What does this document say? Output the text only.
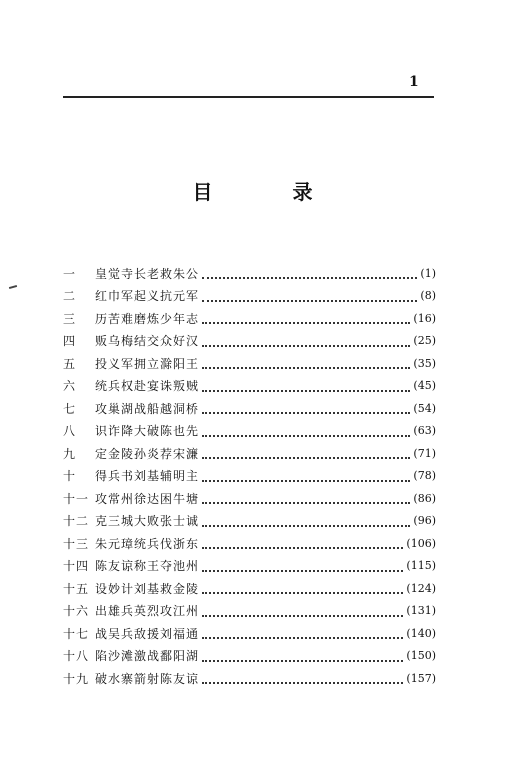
1
目　录
一	皇觉寺长老救朱公	(1)
二	红巾军起义抗元军	(8)
三	历苦难磨炼少年志	(16)
四	贩乌梅结交众好汉	(25)
五	投义军拥立滁阳王	(35)
六	统兵权赴宴诛叛贼	(45)
七	攻巢湖战船越洞桥	(54)
八	识诈降大破陈也先	(63)
九	定金陵孙炎荐宋濂	(71)
十	得兵书刘基辅明主	(78)
十一 攻常州徐达困牛塘	(86)
十二 克三城大败张士诚	(96)
十三 朱元璋统兵伐浙东	(106)
十四 陈友谅称王夺池州	(115)
十五 设妙计刘基救金陵	(124)
十六 出雄兵英烈攻江州	(131)
十七 战吴兵敌援刘福通	(140)
十八 陷沙滩激战鄱阳湖	(150)
十九 破水寨箭射陈友谅	(157)
